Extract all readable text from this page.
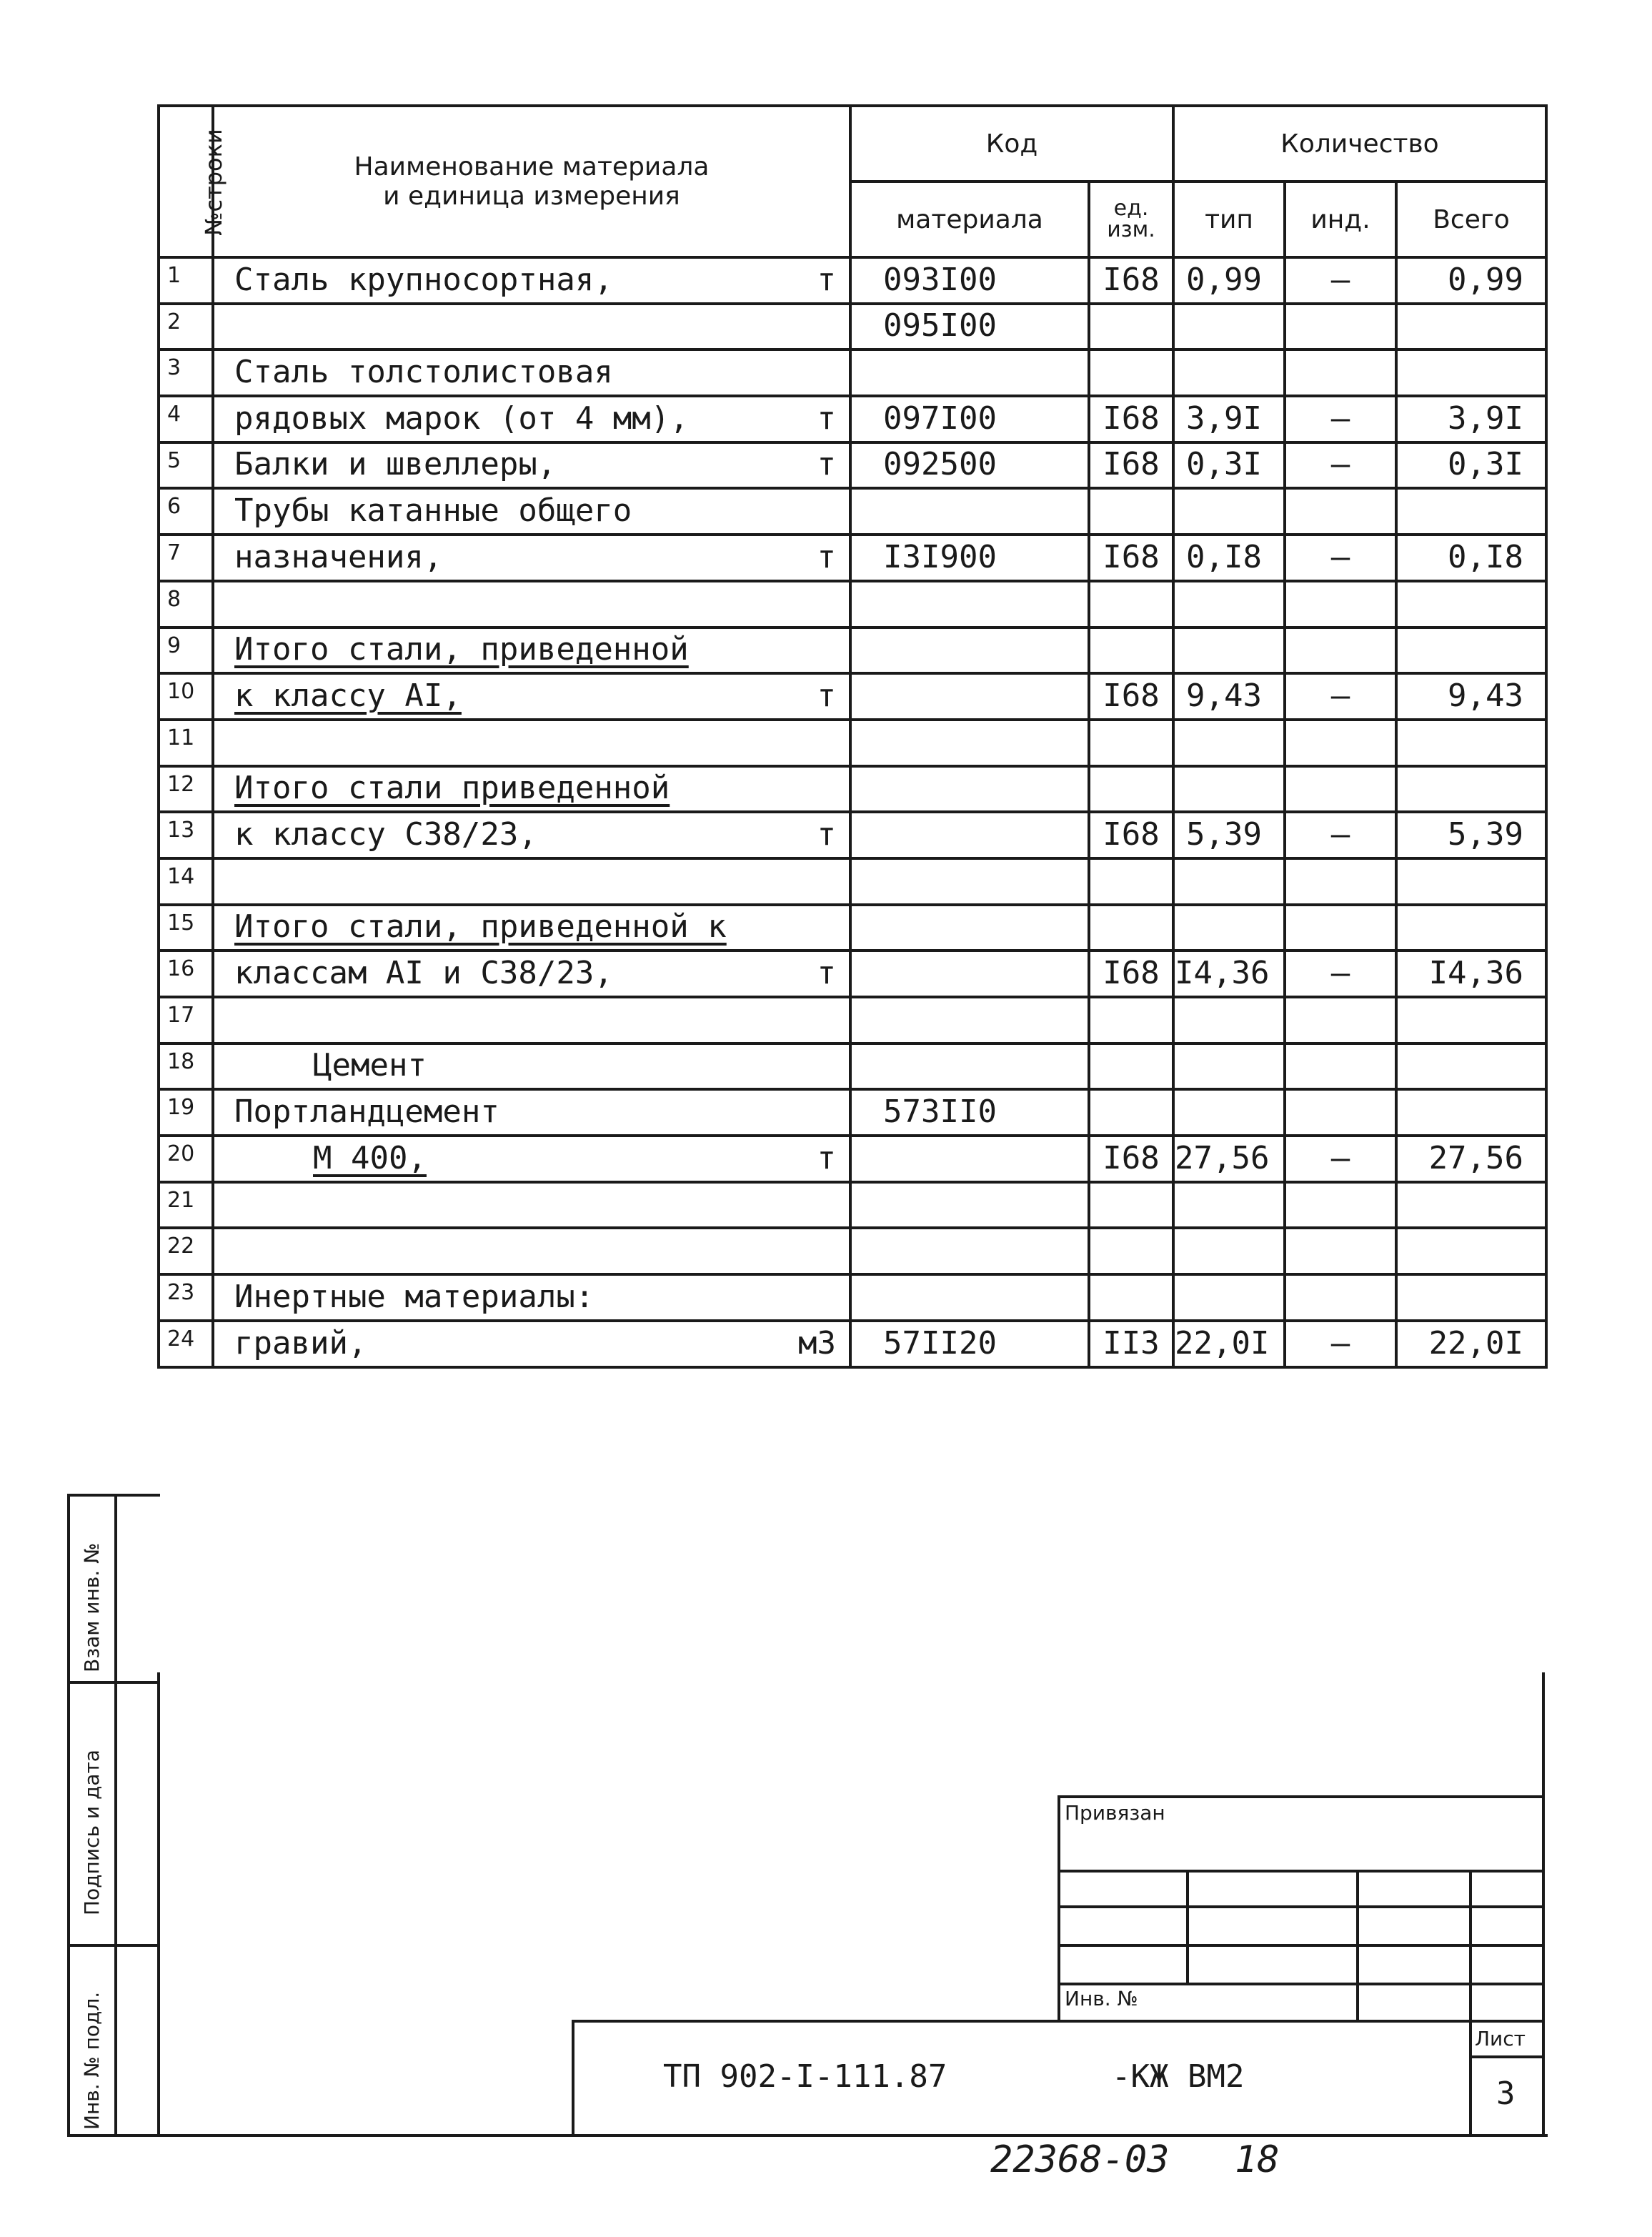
№строки	Наименование материала
и единица измерения	Код		Количество		
		материала	ед. изм.	тип	инд.	Всего
1	Сталь крупносортная, т	093I00	I68	0,99	–	0,99
2		095I00				
3	Сталь толстолистовая					

4	рядовых марок (от 4 мм), т	097I00	I68	3,9I	–	3,9I
5	Балки и швеллеры, т	092500	I68	0,3I	–	0,3I
6	Трубы катанные общего					

7	назначения, т	I3I900	I68	0,I8	–	0,I8
8	

9	Итого стали, приведенной					

10	к классу AI, т		I68	9,43	–	9,43
11	

12	Итого стали приведенной					

13	к классу С38/23, т		I68	5,39	–	5,39
14	

15	Итого стали, приведенной к					

16	классам AI и С38/23, т		I68	I4,36	–	I4,36
17	

18	Цемент					

19	Портландцемент	573II0				
20	М 400, т		I68	27,56	–	27,56
21	

22	

23	Инертные материалы:					

24	гравий, м3	57II20	II3	22,0I	–	22,0I
Взам инв. №
Подпись и дата
Инв. № подл.
Привязан
Инв. №
Лист
3
ТП 902-I-111.87	-КЖ ВМ2
22368-03 18
